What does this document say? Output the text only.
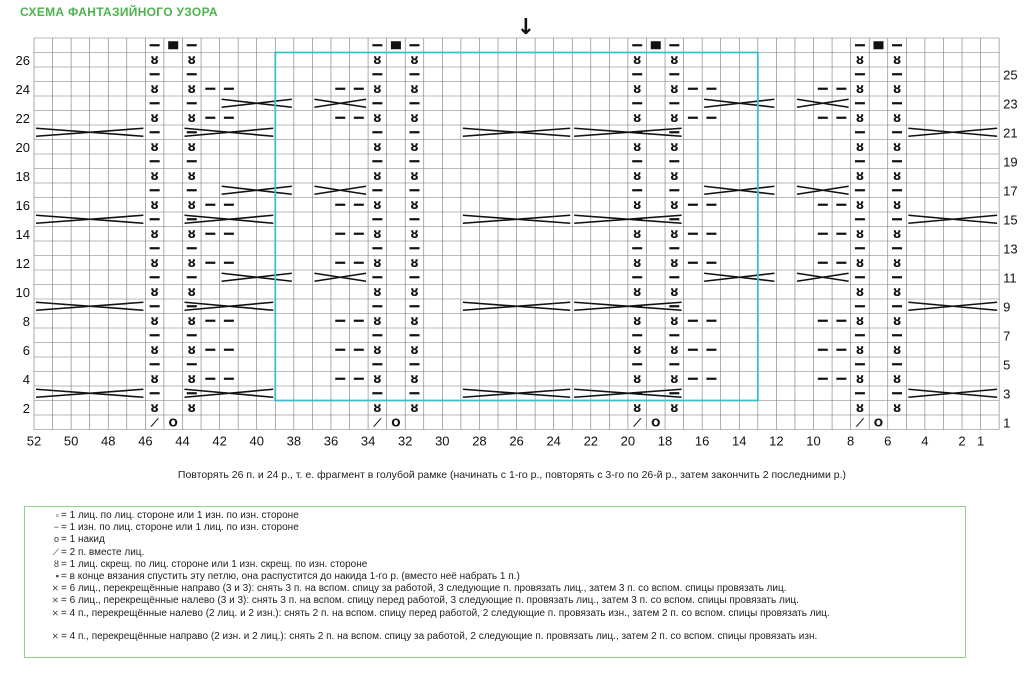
СХЕМА ФАНТАЗИЙНОГО УЗОРА
ȣ
ȣ
ȣ
ȣ
ȣ
ȣ
ȣ
ȣ
ȣ
ȣ
ȣ
ȣ
ȣ
ȣ
ȣ
ȣ
ȣ
ȣ
ȣ
ȣ
ȣ
ȣ
ȣ
ȣ
ȣ
ȣ
ȣ
ȣ
ȣ
ȣ
ȣ
ȣ
ȣ
ȣ
ȣ
ȣ
ȣ
ȣ
ȣ
ȣ
ȣ
ȣ
ȣ
ȣ
ȣ
ȣ
ȣ
ȣ
ȣ
ȣ
ȣ
ȣ
ȣ
ȣ
ȣ
ȣ
ȣ
ȣ
ȣ
ȣ
ȣ
ȣ
ȣ
ȣ
ȣ
ȣ
ȣ
ȣ
ȣ
ȣ
ȣ
ȣ
ȣ
ȣ
ȣ
ȣ
ȣ
ȣ
ȣ
ȣ
ȣ
ȣ
ȣ
ȣ
ȣ
ȣ
ȣ
ȣ
ȣ
ȣ
ȣ
ȣ
ȣ
ȣ
ȣ
ȣ
ȣ
ȣ
ȣ
ȣ
ȣ
ȣ
ȣ
ȣ
O	O	O	O
⟋	⟋	⟋
⟋
↓
2
4
6
8
10
12
14
16
18
20
22
24
26
1
3
5
7
9
11
13
15
17
19
21
23
25
52 50 48 46 44 42 40 38 36 34 32 30 28 26 24 22 20 18 16 14 12 10 8 6 4 2 1
Повторять 26 п. и 24 р., т. е. фрагмент в голубой рамке (начинать с 1-го р., повторять с 3-го по 26-й р., затем закончить 2 последними р.)
▫ = 1 лиц. по лиц. стороне или 1 изн. по изн. стороне
− = 1 изн. по лиц. стороне или 1 лиц. по изн. стороне
o = 1 накид
⟋ = 2 п. вместе лиц.
ȣ = 1 лиц. скрещ. по лиц. стороне или 1 изн. скрещ. по изн. стороне
▪ = в конце вязания спустить эту петлю, она распустится до накида 1-го р. (вместо неё набрать 1 п.)
⨯ = 6 лиц., перекрещённые направо (3 и 3): снять 3 п. на вспом. спицу за работой, 3 следующие п. провязать лиц., затем 3 п. со вспом. спицы провязать лиц.
⨯ = 6 лиц., перекрещённые налево (3 и 3): снять 3 п. на вспом. спицу перед работой, 3 следующие п. провязать лиц., затем 3 п. со вспом. спицы провязать лиц.
⨯ = 4 п., перекрещённые налево (2 лиц. и 2 изн.): снять 2 п. на вспом. спицу перед работой, 2 следующие п. провязать изн., затем 2 п. со вспом. спицы провязать лиц.
⨯ = 4 п., перекрещённые направо (2 изн. и 2 лиц.): снять 2 п. на вспом. спицу за работой, 2 следующие п. провязать лиц., затем 2 п. со вспом. спицы провязать изн.
